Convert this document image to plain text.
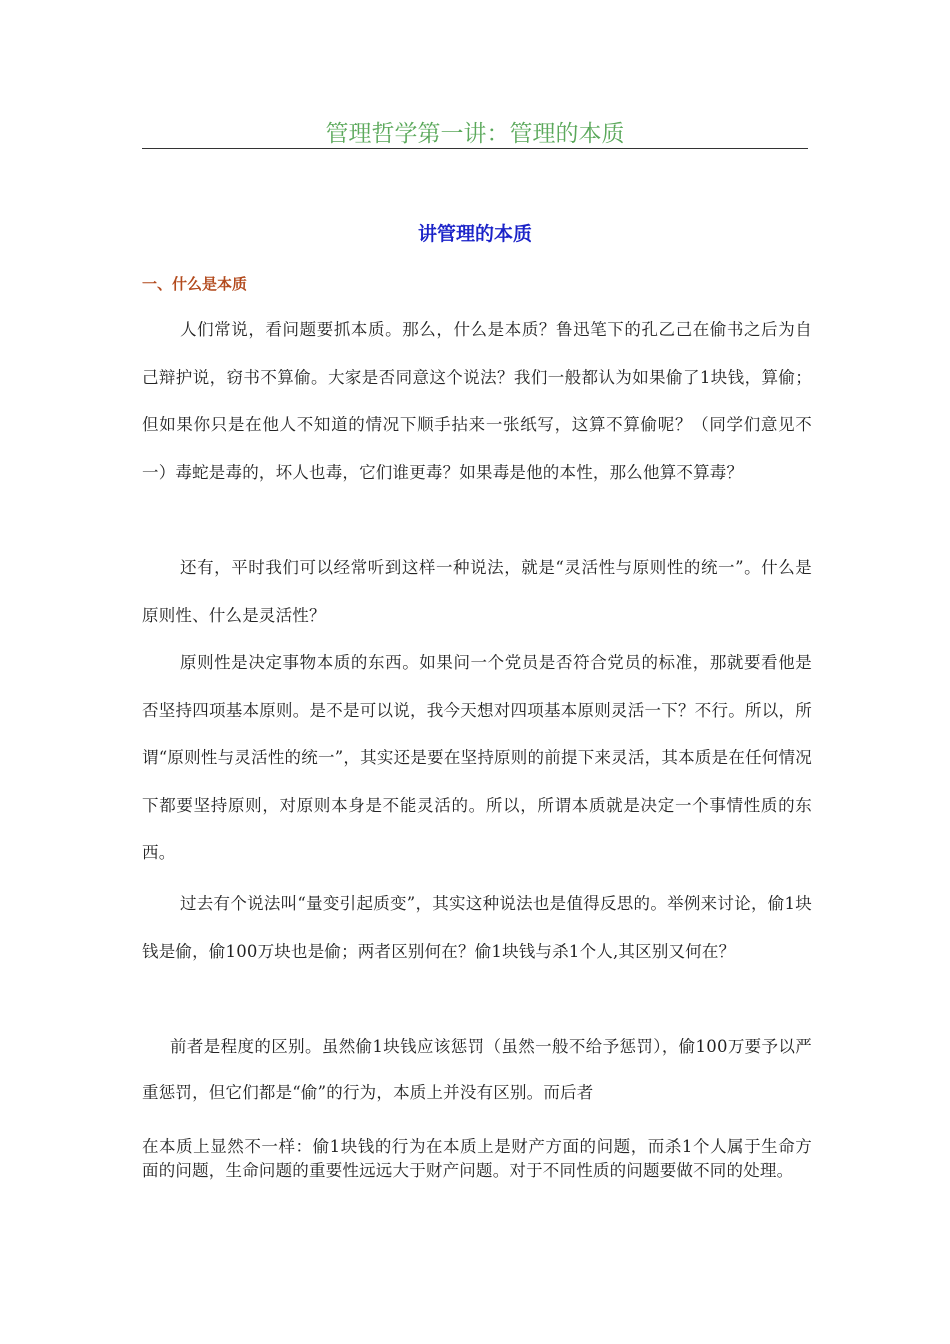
管理哲学第一讲：管理的本质
讲管理的本质
一、什么是本质

人们常说，看问题要抓本质。那么，什么是本质？鲁迅笔下的孔乙己在偷书之后为自己辩护说，窃书不算偷。大家是否同意这个说法？我们一般都认为如果偷了1块钱，算偷；但如果你只是在他人不知道的情况下顺手拈来一张纸写，这算不算偷呢？（同学们意见不一）毒蛇是毒的，坏人也毒，它们谁更毒？如果毒是他的本性，那么他算不算毒？

还有，平时我们可以经常听到这样一种说法，就是“灵活性与原则性的统一”。什么是原则性、什么是灵活性？

原则性是决定事物本质的东西。如果问一个党员是否符合党员的标准，那就要看他是否坚持四项基本原则。是不是可以说，我今天想对四项基本原则灵活一下？不行。所以，所谓“原则性与灵活性的统一”，其实还是要在坚持原则的前提下来灵活，其本质是在任何情况下都要坚持原则，对原则本身是不能灵活的。所以，所谓本质就是决定一个事情性质的东西。

过去有个说法叫“量变引起质变”，其实这种说法也是值得反思的。举例来讨论，偷1块钱是偷，偷100万块也是偷；两者区别何在？偷1块钱与杀1个人,其区别又何在？

前者是程度的区别。虽然偷1块钱应该惩罚（虽然一般不给予惩罚），偷100万要予以严重惩罚，但它们都是“偷”的行为，本质上并没有区别。而后者

在本质上显然不一样：偷1块钱的行为在本质上是财产方面的问题，而杀1个人属于生命方面的问题，生命问题的重要性远远大于财产问题。对于不同性质的问题要做不同的处理。
